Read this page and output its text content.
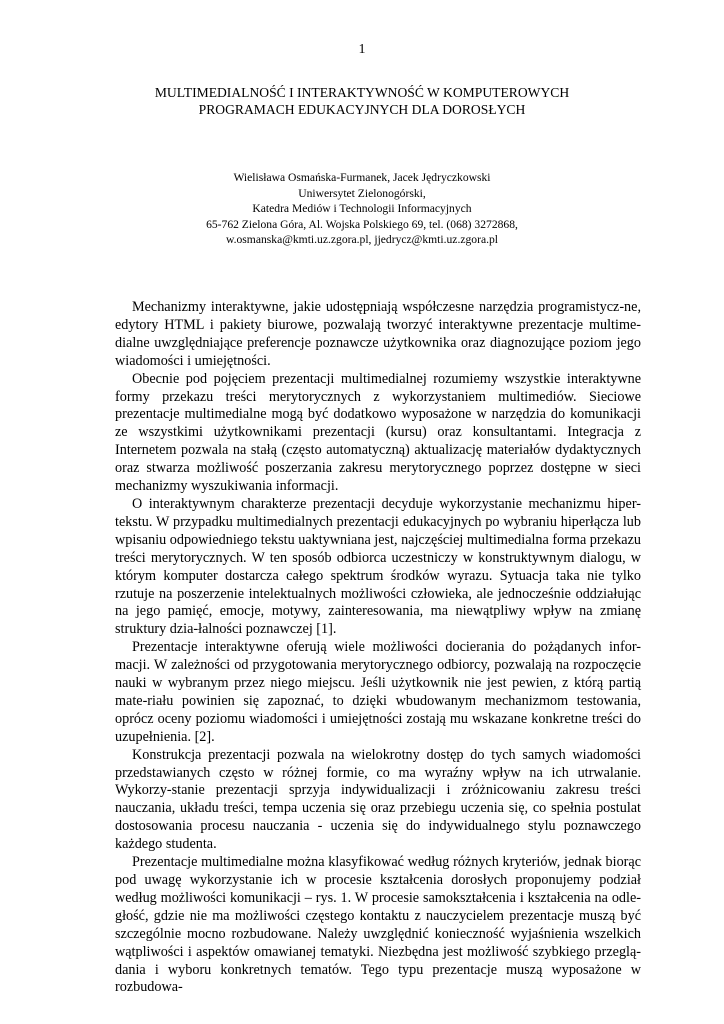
1
MULTIMEDIALNOŚĆ I INTERAKTYWNOŚĆ W KOMPUTEROWYCH
PROGRAMACH EDUKACYJNYCH DLA DOROSŁYCH
Wielisława Osmańska-Furmanek, Jacek Jędryczkowski
Uniwersytet Zielonogórski,
Katedra Mediów i Technologii Informacyjnych
65-762 Zielona Góra, Al. Wojska Polskiego 69, tel. (068) 3272868,
w.osmanska@kmti.uz.zgora.pl, jjedrycz@kmti.uz.zgora.pl

Mechanizmy interaktywne, jakie udostępniają współczesne narzędzia programistycz-ne, edytory HTML i pakiety biurowe, pozwalają tworzyć interaktywne prezentacje multime-dialne uwzględniające preferencje poznawcze użytkownika oraz diagnozujące poziom jego wiadomości i umiejętności.

Obecnie pod pojęciem prezentacji multimedialnej rozumiemy wszystkie interaktywne formy przekazu treści merytorycznych z wykorzystaniem multimediów. Sieciowe prezentacje multimedialne mogą być dodatkowo wyposażone w narzędzia do komunikacji ze wszystkimi użytkownikami prezentacji (kursu) oraz konsultantami. Integracja z Internetem pozwala na stałą (często automatyczną) aktualizację materiałów dydaktycznych oraz stwarza możliwość poszerzania zakresu merytorycznego poprzez dostępne w sieci mechanizmy wyszukiwania informacji.

O interaktywnym charakterze prezentacji decyduje wykorzystanie mechanizmu hiper-tekstu. W przypadku multimedialnych prezentacji edukacyjnych po wybraniu hiperłącza lub wpisaniu odpowiedniego tekstu uaktywniana jest, najczęściej multimedialna forma przekazu treści merytorycznych. W ten sposób odbiorca uczestniczy w konstruktywnym dialogu, w którym komputer dostarcza całego spektrum środków wyrazu. Sytuacja taka nie tylko rzutuje na poszerzenie intelektualnych możliwości człowieka, ale jednocześnie oddziałując na jego pamięć, emocje, motywy, zainteresowania, ma niewątpliwy wpływ na zmianę struktury dzia-łalności poznawczej [1].

Prezentacje interaktywne oferują wiele możliwości docierania do pożądanych infor-macji. W zależności od przygotowania merytorycznego odbiorcy, pozwalają na rozpoczęcie nauki w wybranym przez niego miejscu. Jeśli użytkownik nie jest pewien, z którą partią mate-riału powinien się zapoznać, to dzięki wbudowanym mechanizmom testowania, oprócz oceny poziomu wiadomości i umiejętności zostają mu wskazane konkretne treści do uzupełnienia. [2].

Konstrukcja prezentacji pozwala na wielokrotny dostęp do tych samych wiadomości przedstawianych często w różnej formie, co ma wyraźny wpływ na ich utrwalanie. Wykorzy-stanie prezentacji sprzyja indywidualizacji i zróżnicowaniu zakresu treści nauczania, układu treści, tempa uczenia się oraz przebiegu uczenia się, co spełnia postulat dostosowania procesu nauczania - uczenia się do indywidualnego stylu poznawczego każdego studenta.

Prezentacje multimedialne można klasyfikować według różnych kryteriów, jednak biorąc pod uwagę wykorzystanie ich w procesie kształcenia dorosłych proponujemy podział według możliwości komunikacji – rys. 1. W procesie samokształcenia i kształcenia na odle-głość, gdzie nie ma możliwości częstego kontaktu z nauczycielem prezentacje muszą być szczególnie mocno rozbudowane. Należy uwzględnić konieczność wyjaśnienia wszelkich wątpliwości i aspektów omawianej tematyki. Niezbędna jest możliwość szybkiego przeglą-dania i wyboru konkretnych tematów. Tego typu prezentacje muszą wyposażone w rozbudowa-
